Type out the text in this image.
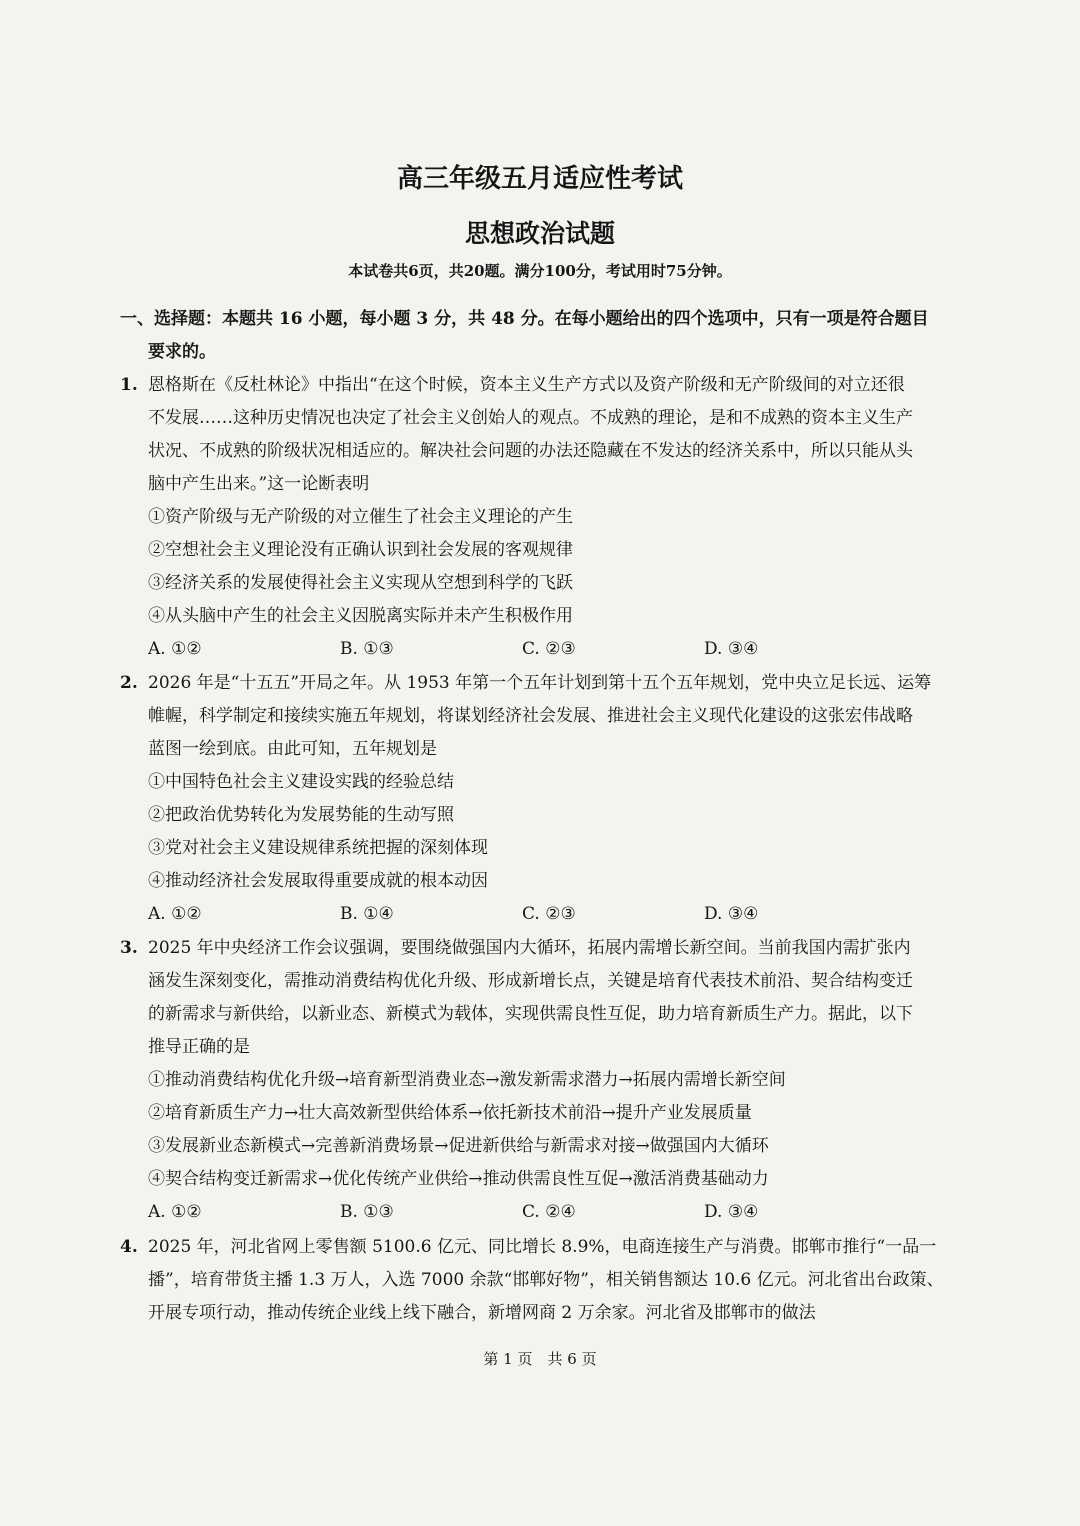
高三年级五月适应性考试
思想政治试题
本试卷共6页，共20题。满分100分，考试用时75分钟。
一、选择题：本题共 16 小题，每小题 3 分，共 48 分。在每小题给出的四个选项中，只有一项是符合题目
要求的。
1. 恩格斯在《反杜林论》中指出“在这个时候，资本主义生产方式以及资产阶级和无产阶级间的对立还很
不发展……这种历史情况也决定了社会主义创始人的观点。不成熟的理论，是和不成熟的资本主义生产
状况、不成熟的阶级状况相适应的。解决社会问题的办法还隐藏在不发达的经济关系中，所以只能从头
脑中产生出来。”这一论断表明
①资产阶级与无产阶级的对立催生了社会主义理论的产生
②空想社会主义理论没有正确认识到社会发展的客观规律
③经济关系的发展使得社会主义实现从空想到科学的飞跃
④从头脑中产生的社会主义因脱离实际并未产生积极作用
A. ①②	B. ①③	C. ②③	D. ③④
2. 2026 年是“十五五”开局之年。从 1953 年第一个五年计划到第十五个五年规划，党中央立足长远、运筹
帷幄，科学制定和接续实施五年规划，将谋划经济社会发展、推进社会主义现代化建设的这张宏伟战略
蓝图一绘到底。由此可知，五年规划是
①中国特色社会主义建设实践的经验总结
②把政治优势转化为发展势能的生动写照
③党对社会主义建设规律系统把握的深刻体现
④推动经济社会发展取得重要成就的根本动因
A. ①②	B. ①④	C. ②③	D. ③④
3. 2025 年中央经济工作会议强调，要围绕做强国内大循环，拓展内需增长新空间。当前我国内需扩张内
涵发生深刻变化，需推动消费结构优化升级、形成新增长点，关键是培育代表技术前沿、契合结构变迁
的新需求与新供给，以新业态、新模式为载体，实现供需良性互促，助力培育新质生产力。据此，以下
推导正确的是
①推动消费结构优化升级→培育新型消费业态→激发新需求潜力→拓展内需增长新空间
②培育新质生产力→壮大高效新型供给体系→依托新技术前沿→提升产业发展质量
③发展新业态新模式→完善新消费场景→促进新供给与新需求对接→做强国内大循环
④契合结构变迁新需求→优化传统产业供给→推动供需良性互促→激活消费基础动力
A. ①②	B. ①③	C. ②④	D. ③④
4. 2025 年，河北省网上零售额 5100.6 亿元、同比增长 8.9%，电商连接生产与消费。邯郸市推行“一品一
播”，培育带货主播 1.3 万人，入选 7000 余款“邯郸好物”，相关销售额达 10.6 亿元。河北省出台政策、
开展专项行动，推动传统企业线上线下融合，新增网商 2 万余家。河北省及邯郸市的做法
第 1 页　共 6 页
